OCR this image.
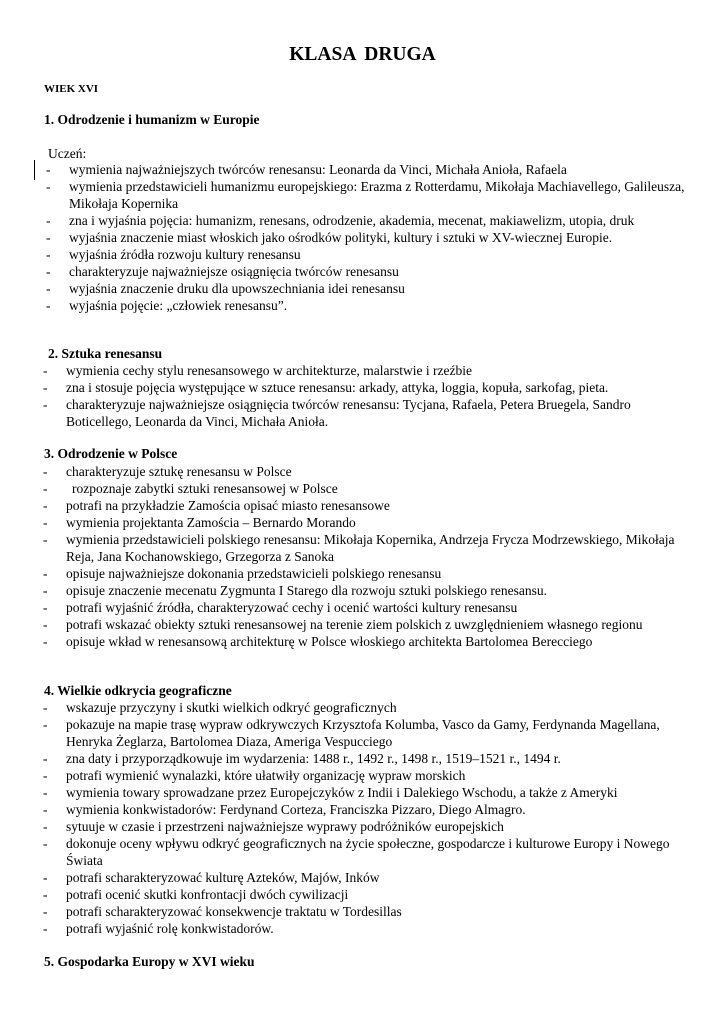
KLASA DRUGA
WIEK XVI
1. Odrodzenie i humanizm w Europie
Uczeń:
- wymienia najważniejszych twórców renesansu: Leonarda da Vinci, Michała Anioła, Rafaela
- wymienia przedstawicieli humanizmu europejskiego: Erazma z Rotterdamu, Mikołaja Machiavellego, Galileusza, Mikołaja Kopernika
- zna i wyjaśnia pojęcia: humanizm, renesans, odrodzenie, akademia, mecenat, makiawelizm, utopia, druk
- wyjaśnia znaczenie miast włoskich jako ośrodków polityki, kultury i sztuki w XV-wiecznej Europie.
- wyjaśnia źródła rozwoju kultury renesansu
- charakteryzuje najważniejsze osiągnięcia twórców renesansu
- wyjaśnia znaczenie druku dla upowszechniania idei renesansu
- wyjaśnia pojęcie: „człowiek renesansu”.
2. Sztuka renesansu
- wymienia cechy stylu renesansowego w architekturze, malarstwie i rzeźbie
- zna i stosuje pojęcia występujące w sztuce renesansu: arkady, attyka, loggia, kopuła, sarkofag, pieta.
- charakteryzuje najważniejsze osiągnięcia twórców renesansu: Tycjana, Rafaela, Petera Bruegela, Sandro Boticellego, Leonarda da Vinci, Michała Anioła.
3. Odrodzenie w Polsce
- charakteryzuje sztukę renesansu w Polsce
-	rozpoznaje zabytki sztuki renesansowej w Polsce
- potrafi na przykładzie Zamościa opisać miasto renesansowe
- wymienia projektanta Zamościa – Bernardo Morando
- wymienia przedstawicieli polskiego renesansu: Mikołaja Kopernika, Andrzeja Frycza Modrzewskiego, Mikołaja Reja, Jana Kochanowskiego, Grzegorza z Sanoka
- opisuje najważniejsze dokonania przedstawicieli polskiego renesansu
- opisuje znaczenie mecenatu Zygmunta I Starego dla rozwoju sztuki polskiego renesansu.
- potrafi wyjaśnić źródła, charakteryzować cechy i ocenić wartości kultury renesansu
- potrafi wskazać obiekty sztuki renesansowej na terenie ziem polskich z uwzględnieniem własnego regionu
- opisuje wkład w renesansową architekturę w Polsce włoskiego architekta Bartolomea Berecciego
4. Wielkie odkrycia geograficzne
- wskazuje przyczyny i skutki wielkich odkryć geograficznych
- pokazuje na mapie trasę wypraw odkrywczych Krzysztofa Kolumba, Vasco da Gamy, Ferdynanda Magellana, Henryka Żeglarza, Bartolomea Diaza, Ameriga Vespucciego
- zna daty i przyporządkowuje im wydarzenia: 1488 r., 1492 r., 1498 r., 1519–1521 r., 1494 r.
- potrafi wymienić wynalazki, które ułatwiły organizację wypraw morskich
- wymienia towary sprowadzane przez Europejczyków z Indii i Dalekiego Wschodu, a także z Ameryki
- wymienia konkwistadorów: Ferdynand Corteza, Franciszka Pizzaro, Diego Almagro.
- sytuuje w czasie i przestrzeni najważniejsze wyprawy podróżników europejskich
- dokonuje oceny wpływu odkryć geograficznych na życie społeczne, gospodarcze i kulturowe Europy i Nowego Świata
- potrafi scharakteryzować kulturę Azteków, Majów, Inków
- potrafi ocenić skutki konfrontacji dwóch cywilizacji
- potrafi scharakteryzować konsekwencje traktatu w Tordesillas
- potrafi wyjaśnić rolę konkwistadorów.
5. Gospodarka Europy w XVI wieku
